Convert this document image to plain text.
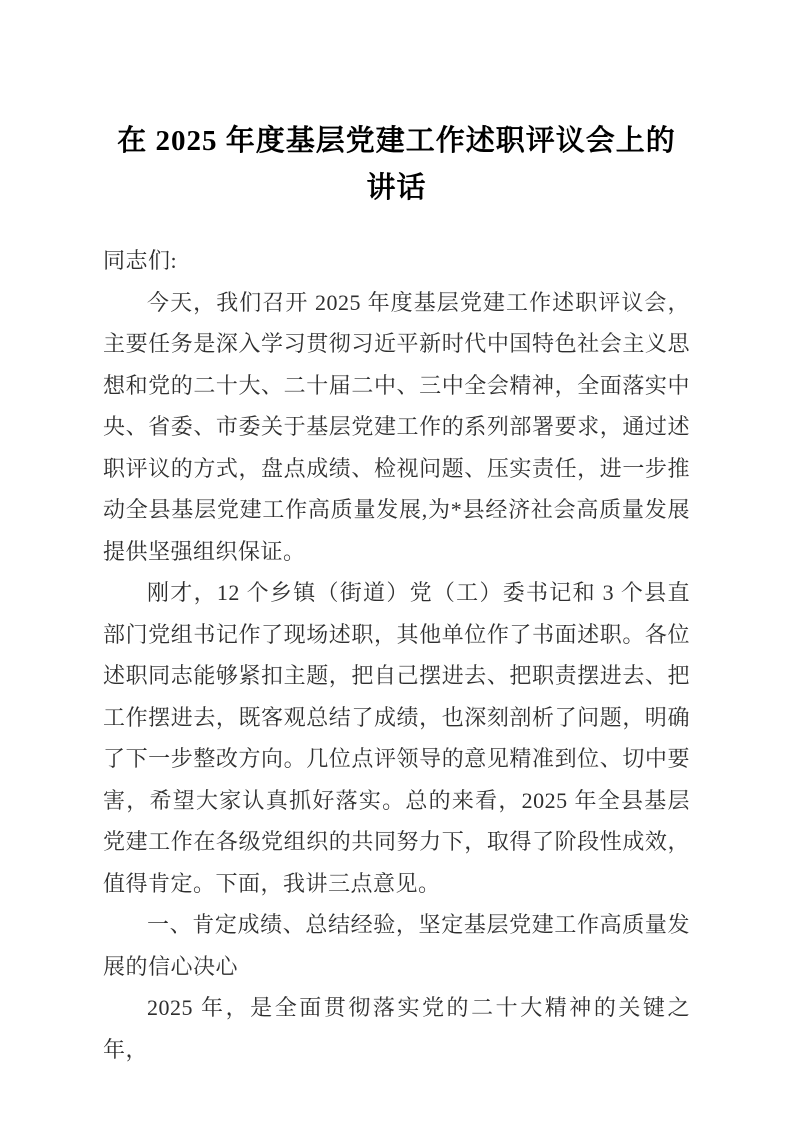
在 2025 年度基层党建工作述职评议会上的讲话

同志们:

今天，我们召开 2025 年度基层党建工作述职评议会，主要任务是深入学习贯彻习近平新时代中国特色社会主义思想和党的二十大、二十届二中、三中全会精神，全面落实中央、省委、市委关于基层党建工作的系列部署要求，通过述职评议的方式，盘点成绩、检视问题、压实责任，进一步推动全县基层党建工作高质量发展,为*县经济社会高质量发展提供坚强组织保证。

刚才，12 个乡镇（街道）党（工）委书记和 3 个县直部门党组书记作了现场述职，其他单位作了书面述职。各位述职同志能够紧扣主题，把自己摆进去、把职责摆进去、把工作摆进去，既客观总结了成绩，也深刻剖析了问题，明确了下一步整改方向。几位点评领导的意见精准到位、切中要害，希望大家认真抓好落实。总的来看，2025 年全县基层党建工作在各级党组织的共同努力下，取得了阶段性成效，值得肯定。下面，我讲三点意见。

一、肯定成绩、总结经验，坚定基层党建工作高质量发展的信心决心

2025 年，是全面贯彻落实党的二十大精神的关键之年，
